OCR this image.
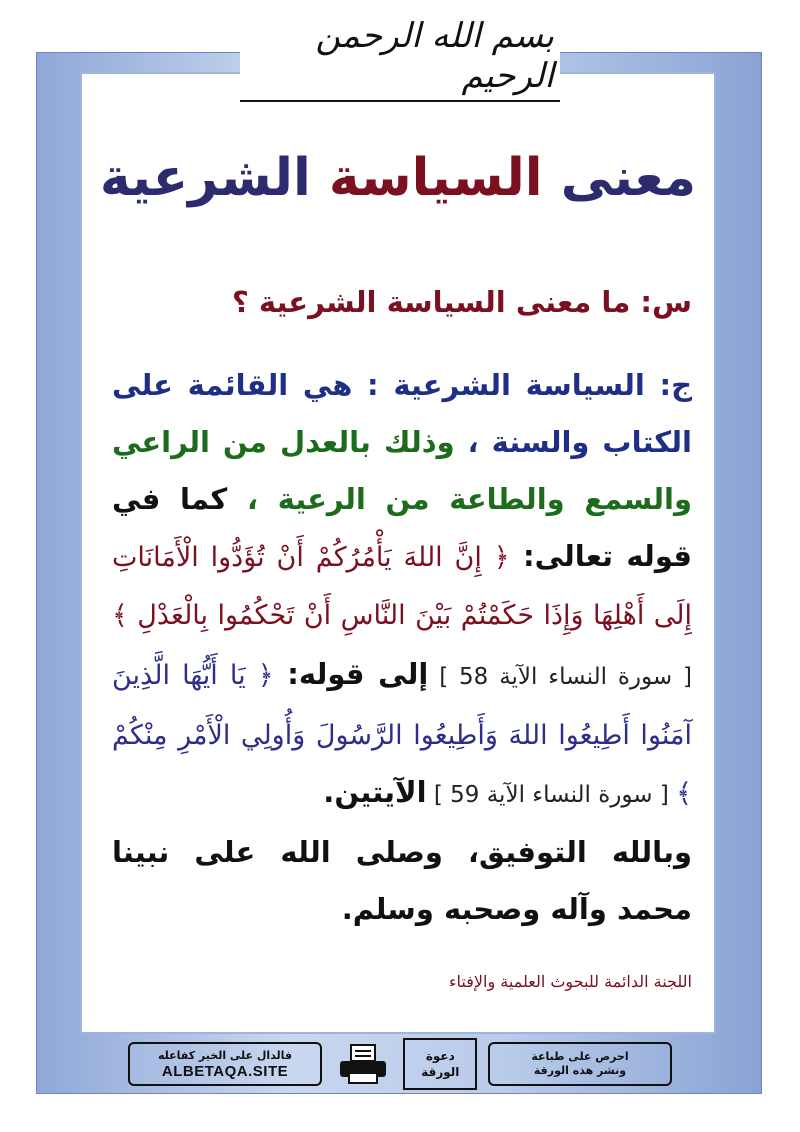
بسم الله الرحمن الرحيم
معنى السياسة الشرعية
س: ما معنى السياسة الشرعية ؟
ج: السياسة الشرعية : هي القائمة على الكتاب والسنة ، وذلك بالعدل من الراعي والسمع والطاعة من الرعية ، كما في قوله تعالى: ﴿ إِنَّ اللهَ يَأْمُرُكُمْ أَنْ تُؤَدُّوا الْأَمَانَاتِ إِلَى أَهْلِهَا وَإِذَا حَكَمْتُمْ بَيْنَ النَّاسِ أَنْ تَحْكُمُوا بِالْعَدْلِ ﴾ [ سورة النساء الآية 58 ] إلى قوله: ﴿ يَا أَيُّهَا الَّذِينَ آمَنُوا أَطِيعُوا اللهَ وَأَطِيعُوا الرَّسُولَ وَأُولِي الْأَمْرِ مِنْكُمْ ﴾ [ سورة النساء الآية 59 ] الآيتين.
وبالله التوفيق، وصلى الله على نبينا محمد وآله وصحبه وسلم.
اللجنة الدائمة للبحوث العلمية والإفتاء
فالدال على الخير كفاعله
ALBETAQA.SITE
دعوة
الورقة
احرص على طباعة
ونشر هذه الورقة
